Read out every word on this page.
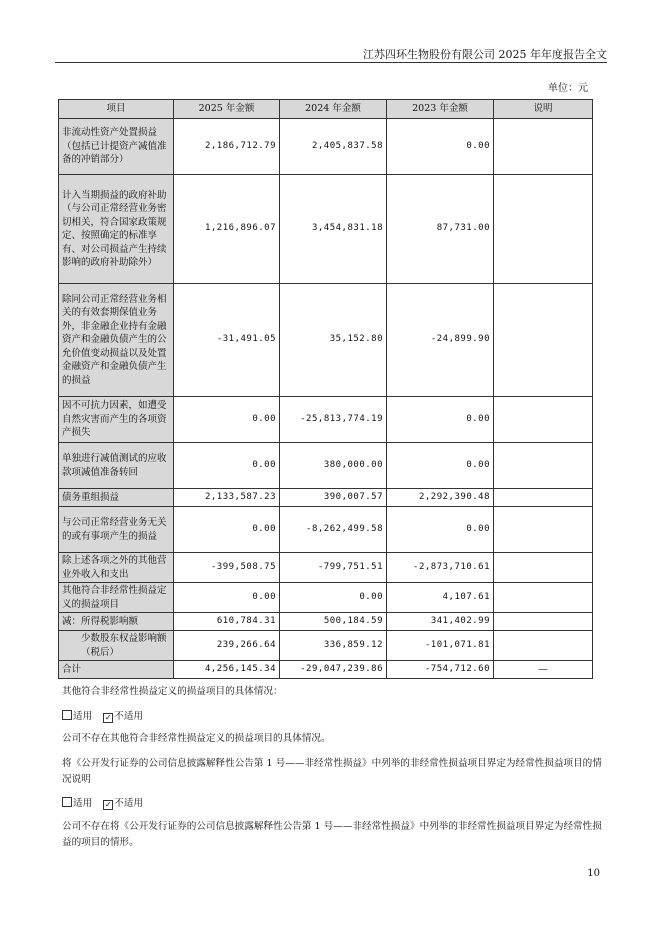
江苏四环生物股份有限公司 2025 年年度报告全文
单位：元
项目	2025 年金额	2024 年金额	2023 年金额	说明
非流动性资产处置损益（包括已计提资产减值准备的冲销部分）	2,186,712.79	2,405,837.58	0.00	
计入当期损益的政府补助（与公司正常经营业务密切相关，符合国家政策规定、按照确定的标准享有、对公司损益产生持续影响的政府补助除外）	1,216,896.07	3,454,831.18	87,731.00	
除同公司正常经营业务相关的有效套期保值业务外，非金融企业持有金融资产和金融负债产生的公允价值变动损益以及处置金融资产和金融负债产生的损益	-31,491.05	35,152.80	-24,899.90	
因不可抗力因素，如遭受自然灾害而产生的各项资产损失	0.00	-25,813,774.19	0.00	
单独进行减值测试的应收款项减值准备转回	0.00	380,000.00	0.00	
债务重组损益	2,133,587.23	390,007.57	2,292,390.48	
与公司正常经营业务无关的或有事项产生的损益	0.00	-8,262,499.58	0.00	
除上述各项之外的其他营业外收入和支出	-399,508.75	-799,751.51	-2,873,710.61	
其他符合非经常性损益定义的损益项目	0.00	0.00	4,107.61	
减：所得税影响额	610,784.31	500,184.59	341,402.99	
少数股东权益影响额（税后）	239,266.64	336,859.12	-101,071.81	
合计	4,256,145.34	-29,047,239.86	-754,712.60	—
其他符合非经常性损益定义的损益项目的具体情况：
适用 ✓ 不适用
公司不存在其他符合非经常性损益定义的损益项目的具体情况。
将《公开发行证券的公司信息披露解释性公告第 1 号——非经常性损益》中列举的非经常性损益项目界定为经常性损益项目的情况说明
适用 ✓ 不适用
公司不存在将《公开发行证券的公司信息披露解释性公告第 1 号——非经常性损益》中列举的非经常性损益项目界定为经常性损益的项目的情形。
10
